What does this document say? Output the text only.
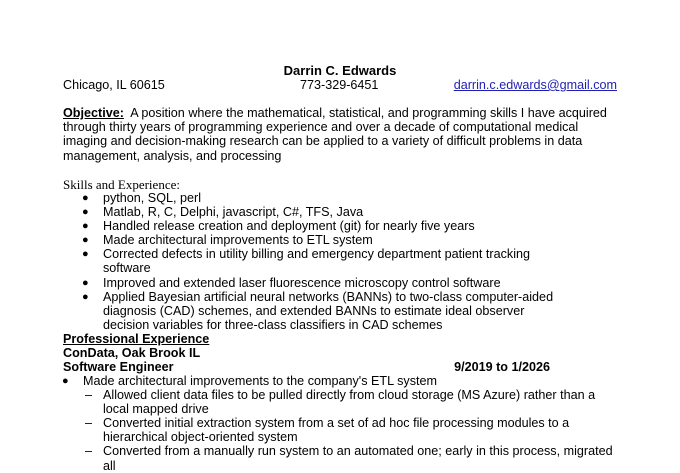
Darrin C. Edwards
Chicago, IL 60615	773-329-6451	darrin.c.edwards@gmail.com
Objective: A position where the mathematical, statistical, and programming skills I have acquired through thirty years of programming experience and over a decade of computational medical imaging and decision-making research can be applied to a variety of difficult problems in data management, analysis, and processing
Skills and Experience:
● python, SQL, perl
● Matlab, R, C, Delphi, javascript, C#, TFS, Java
● Handled release creation and deployment (git) for nearly five years
● Made architectural improvements to ETL system
● Corrected defects in utility billing and emergency department patient tracking software
● Improved and extended laser fluorescence microscopy control software
● Applied Bayesian artificial neural networks (BANNs) to two-class computer-aided diagnosis (CAD) schemes, and extended BANNs to estimate ideal observer decision variables for three-class classifiers in CAD schemes
Professional Experience
ConData, Oak Brook IL
Software Engineer	9/2019 to 1/2026
● Made architectural improvements to the company's ETL system
– Allowed client data files to be pulled directly from cloud storage (MS Azure) rather than a local mapped drive
– Converted initial extraction system from a set of ad hoc file processing modules to a hierarchical object-oriented system
– Converted from a manually run system to an automated one; early in this process, migrated all
